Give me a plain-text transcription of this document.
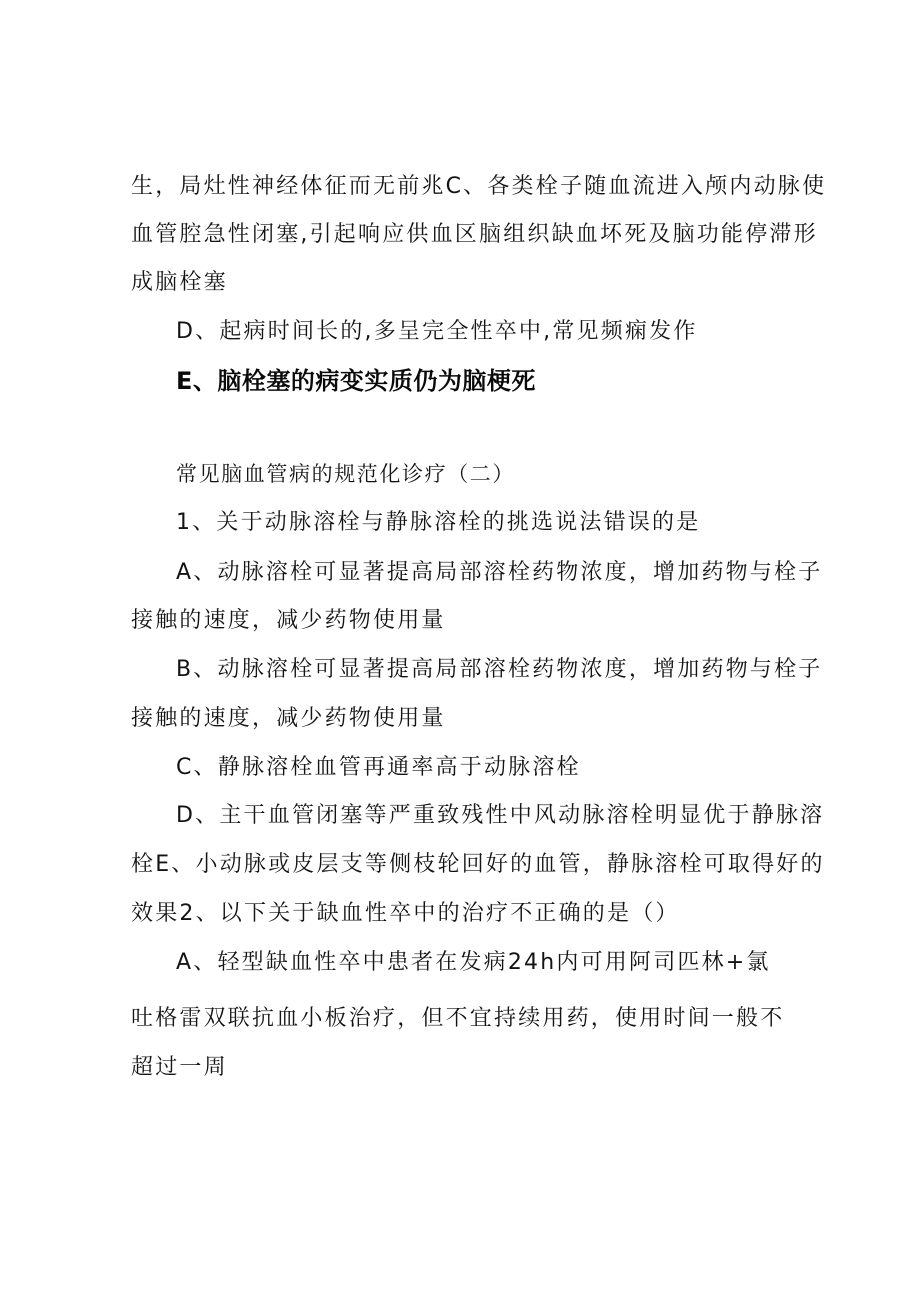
生，局灶性神经体征而无前兆C、各类栓子随血流进入颅内动脉使

血管腔急性闭塞,引起响应供血区脑组织缺血坏死及脑功能停滞形

成脑栓塞

D、起病时间长的,多呈完全性卒中,常见频痫发作

E、脑栓塞的病变实质仍为脑梗死

常见脑血管病的规范化诊疗（二）

1、关于动脉溶栓与静脉溶栓的挑选说法错误的是

A、动脉溶栓可显著提高局部溶栓药物浓度，增加药物与栓子

接触的速度，减少药物使用量

B、动脉溶栓可显著提高局部溶栓药物浓度，增加药物与栓子

接触的速度，减少药物使用量

C、静脉溶栓血管再通率高于动脉溶栓

D、主干血管闭塞等严重致残性中风动脉溶栓明显优于静脉溶

栓E、小动脉或皮层支等侧枝轮回好的血管，静脉溶栓可取得好的

效果2、以下关于缺血性卒中的治疗不正确的是（）

A、轻型缺血性卒中患者在发病24h内可用阿司匹林+氯

吐格雷双联抗血小板治疗，但不宜持续用药，使用时间一般不

超过一周
